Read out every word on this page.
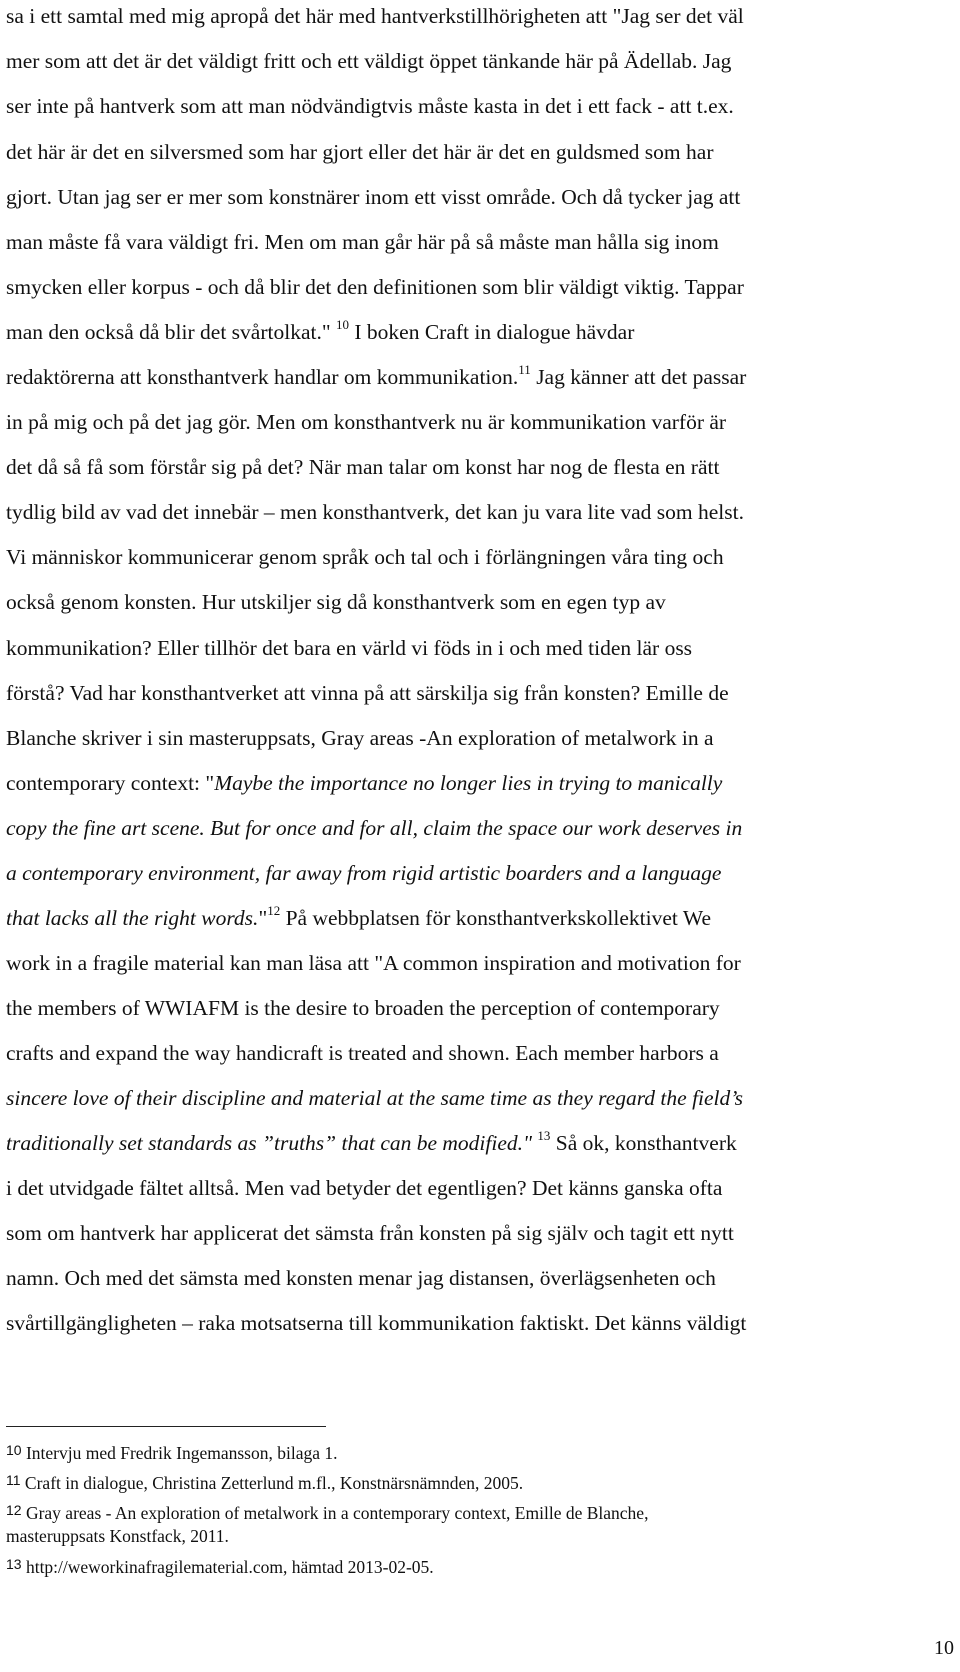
sa i ett samtal med mig apropå det här med hantverkstillhörigheten att "Jag ser det väl
mer som att det är det väldigt fritt och ett väldigt öppet tänkande här på Ädellab. Jag
ser inte på hantverk som att man nödvändigtvis måste kasta in det i ett fack - att t.ex.
det här är det en silversmed som har gjort eller det här är det en guldsmed som har
gjort. Utan jag ser er mer som konstnärer inom ett visst område. Och då tycker jag att
man måste få vara väldigt fri. Men om man går här på så måste man hålla sig inom
smycken eller korpus - och då blir det den definitionen som blir väldigt viktig. Tappar
man den också då blir det svårtolkat." $^{10}$ I boken Craft in dialogue hävdar
redaktörerna att konsthantverk handlar om kommunikation.$^{11}$ Jag känner att det passar
in på mig och på det jag gör. Men om konsthantverk nu är kommunikation varför är
det då så få som förstår sig på det? När man talar om konst har nog de flesta en rätt
tydlig bild av vad det innebär – men konsthantverk, det kan ju vara lite vad som helst.
Vi människor kommunicerar genom språk och tal och i förlängningen våra ting och
också genom konsten. Hur utskiljer sig då konsthantverk som en egen typ av
kommunikation? Eller tillhör det bara en värld vi föds in i och med tiden lär oss
förstå? Vad har konsthantverket att vinna på att särskilja sig från konsten? Emille de
Blanche skriver i sin masteruppsats, Gray areas -An exploration of metalwork in a
contemporary context: "Maybe the importance no longer lies in trying to manically
copy the fine art scene. But for once and for all, claim the space our work deserves in
a contemporary environment, far away from rigid artistic boarders and a language
that lacks all the right words."$^{12}$ På webbplatsen för konsthantverkskollektivet We
work in a fragile material kan man läsa att "A common inspiration and motivation for
the members of WWIAFM is the desire to broaden the perception of contemporary
crafts and expand the way handicraft is treated and shown. Each member harbors a
sincere love of their discipline and material at the same time as they regard the field’s
traditionally set standards as ”truths” that can be modified." $^{13}$ Så ok, konsthantverk
i det utvidgade fältet alltså. Men vad betyder det egentligen? Det känns ganska ofta
som om hantverk har applicerat det sämsta från konsten på sig själv och tagit ett nytt
namn. Och med det sämsta med konsten menar jag distansen, överlägsenheten och
svårtillgängligheten – raka motsatserna till kommunikation faktiskt. Det känns väldigt
$^{10}$ Intervju med Fredrik Ingemansson, bilaga 1.
$^{11}$ Craft in dialogue, Christina Zetterlund m.fl., Konstnärsnämnden, 2005.
$^{12}$ Gray areas - An exploration of metalwork in a contemporary context, Emille de Blanche,
masteruppsats Konstfack, 2011.
$^{13}$ http://weworkinafragilematerial.com, hämtad 2013-02-05.
10
